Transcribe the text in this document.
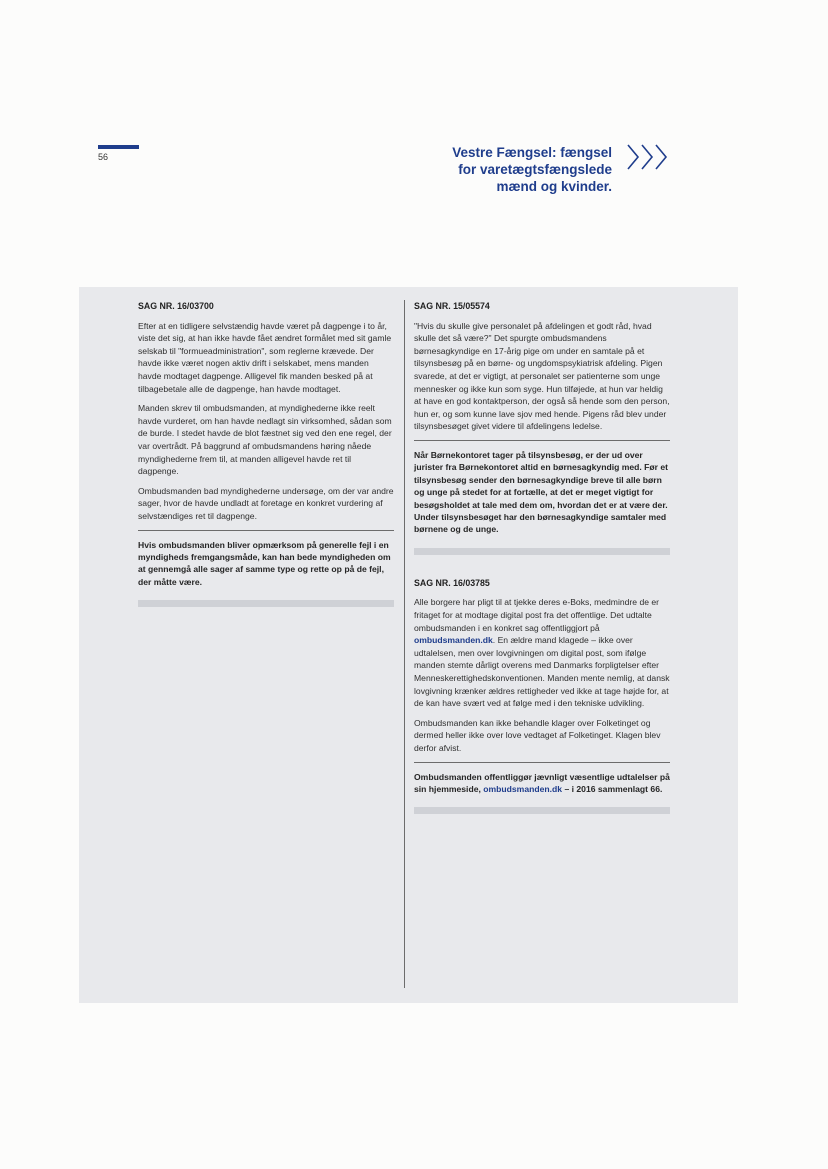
56	Vestre Fængsel: fængsel
for varetægtsfængslede
mænd og kvinder.

SAG NR. 16/03700

Efter at en tidligere selvstændig havde været på dagpenge i to år, viste det sig, at han ikke havde fået ændret formålet med sit gamle selskab til "formueadministration", som reglerne krævede. Der havde ikke været nogen aktiv drift i selskabet, mens manden havde modtaget dagpenge. Alligevel fik manden besked på at tilbagebetale alle de dagpenge, han havde modtaget.

Manden skrev til ombudsmanden, at myndighederne ikke reelt havde vurderet, om han havde nedlagt sin virksomhed, sådan som de burde. I stedet havde de blot fæstnet sig ved den ene regel, der var overtrådt. På baggrund af ombudsmandens høring nåede myndighederne frem til, at manden alligevel havde ret til dagpenge.

Ombudsmanden bad myndighederne undersøge, om der var andre sager, hvor de havde undladt at foretage en konkret vurdering af selvstændiges ret til dagpenge.

Hvis ombudsmanden bliver opmærksom på generelle fejl i en myndigheds fremgangsmåde, kan han bede myndigheden om at gennemgå alle sager af samme type og rette op på de fejl, der måtte være.

SAG NR. 15/05574

"Hvis du skulle give personalet på afdelingen et godt råd, hvad skulle det så være?" Det spurgte ombudsmandens børnesagkyndige en 17-årig pige om under en samtale på et tilsynsbesøg på en børne- og ungdomspsykiatrisk afdeling. Pigen svarede, at det er vigtigt, at personalet ser patienterne som unge mennesker og ikke kun som syge. Hun tilføjede, at hun var heldig at have en god kontaktperson, der også så hende som den person, hun er, og som kunne lave sjov med hende. Pigens råd blev under tilsynsbesøget givet videre til afdelingens ledelse.

Når Børnekontoret tager på tilsynsbesøg, er der ud over jurister fra Børnekontoret altid en børnesagkyndig med. Før et tilsynsbesøg sender den børnesagkyndige breve til alle børn og unge på stedet for at fortælle, at det er meget vigtigt for besøgsholdet at tale med dem om, hvordan det er at være der. Under tilsynsbesøget har den børnesagkyndige samtaler med børnene og de unge.

SAG NR. 16/03785

Alle borgere har pligt til at tjekke deres e-Boks, medmindre de er fritaget for at modtage digital post fra det offentlige. Det udtalte ombudsmanden i en konkret sag offentliggjort på ombudsmanden.dk. En ældre mand klagede – ikke over udtalelsen, men over lovgivningen om digital post, som ifølge manden stemte dårligt overens med Danmarks forpligtelser efter Menneskerettighedskonventionen. Manden mente nemlig, at dansk lovgivning krænker ældres rettigheder ved ikke at tage højde for, at de kan have svært ved at følge med i den tekniske udvikling.

Ombudsmanden kan ikke behandle klager over Folketinget og dermed heller ikke over love vedtaget af Folketinget. Klagen blev derfor afvist.

Ombudsmanden offentliggør jævnligt væsentlige udtalelser på sin hjemmeside, ombudsmanden.dk – i 2016 sammenlagt 66.
